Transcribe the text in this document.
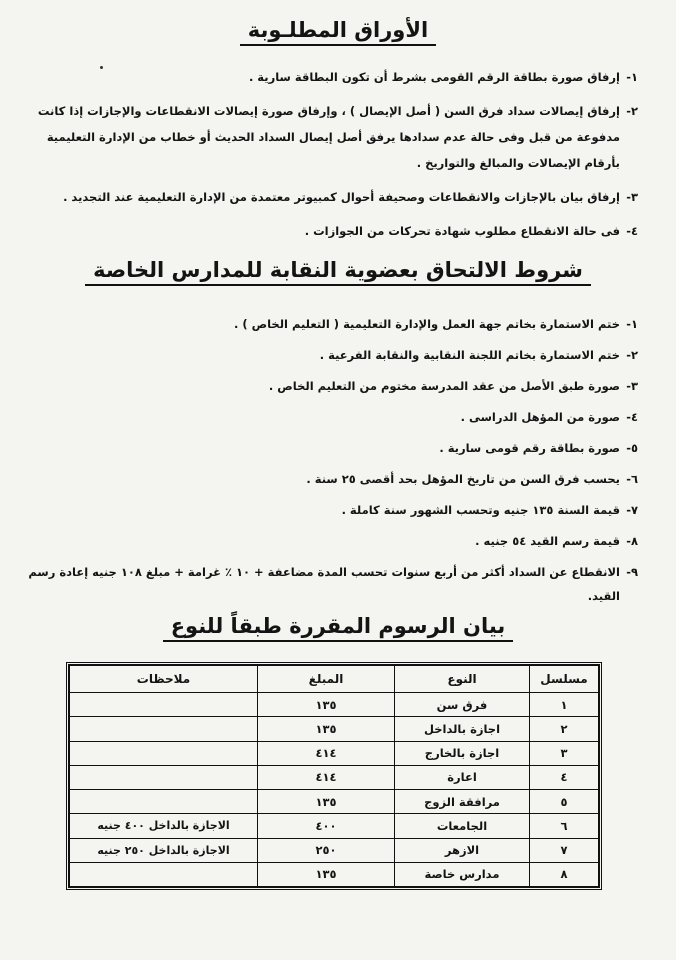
الأوراق المطلـوبة
١-
إرفاق صورة بطاقة الرقم القومى بشرط أن تكون البطاقة سارية .
٢-
إرفاق إيصالات سداد فرق السن ( أصل الإيصال ) ، وإرفاق صورة إيصالات الانقطاعات والإجازات إذا كانت مدفوعة من قبل وفى حالة عدم سدادها يرفق أصل إيصال السداد الحديث أو خطاب من الإدارة التعليمية بأرقام الإيصالات والمبالغ والتواريخ .
٣-
إرفاق بيان بالإجازات والانقطاعات وصحيفة أحوال كمبيوتر معتمدة من الإدارة التعليمية عند التجديد .
٤-
فى حالة الانقطاع مطلوب شهادة تحركات من الجوازات .
شروط الالتحاق بعضوية النقابة للمدارس الخاصة
١-
ختم الاستمارة بخاتم جهة العمل والإدارة التعليمية ( التعليم الخاص ) .
٢-
ختم الاستمارة بخاتم اللجنة النقابية والنقابة الفرعية .
٣-
صورة طبق الأصل من عقد المدرسة مختوم من التعليم الخاص .
٤-
صورة من المؤهل الدراسى .
٥-
صورة بطاقة رقم قومى سارية .
٦-
يحسب فرق السن من تاريخ المؤهل بحد أقصى ٢٥ سنة .
٧-
قيمة السنة ١٣٥ جنيه وتحسب الشهور سنة كاملة .
٨-
قيمة رسم القيد ٥٤ جنيه .
٩-
الانقطاع عن السداد أكثر من أربع سنوات تحسب المدة مضاعفة + ١٠ ٪ غرامة + مبلغ ١٠٨ جنيه إعادة رسم القيد.
بيان الرسوم المقررة طبقاً للنوع
مسلسل	النوع	المبلغ	ملاحظات
١	فرق سن	١٣٥	
٢	اجازة بالداخل	١٣٥	
٣	اجازة بالخارج	٤١٤	
٤	اعارة	٤١٤	
٥	مرافقة الزوج	١٣٥	
٦	الجامعات	٤٠٠	الاجازة بالداخل ٤٠٠ جنيه
٧	الازهر	٢٥٠	الاجازة بالداخل ٢٥٠ جنيه
٨	مدارس خاصة	١٣٥	
